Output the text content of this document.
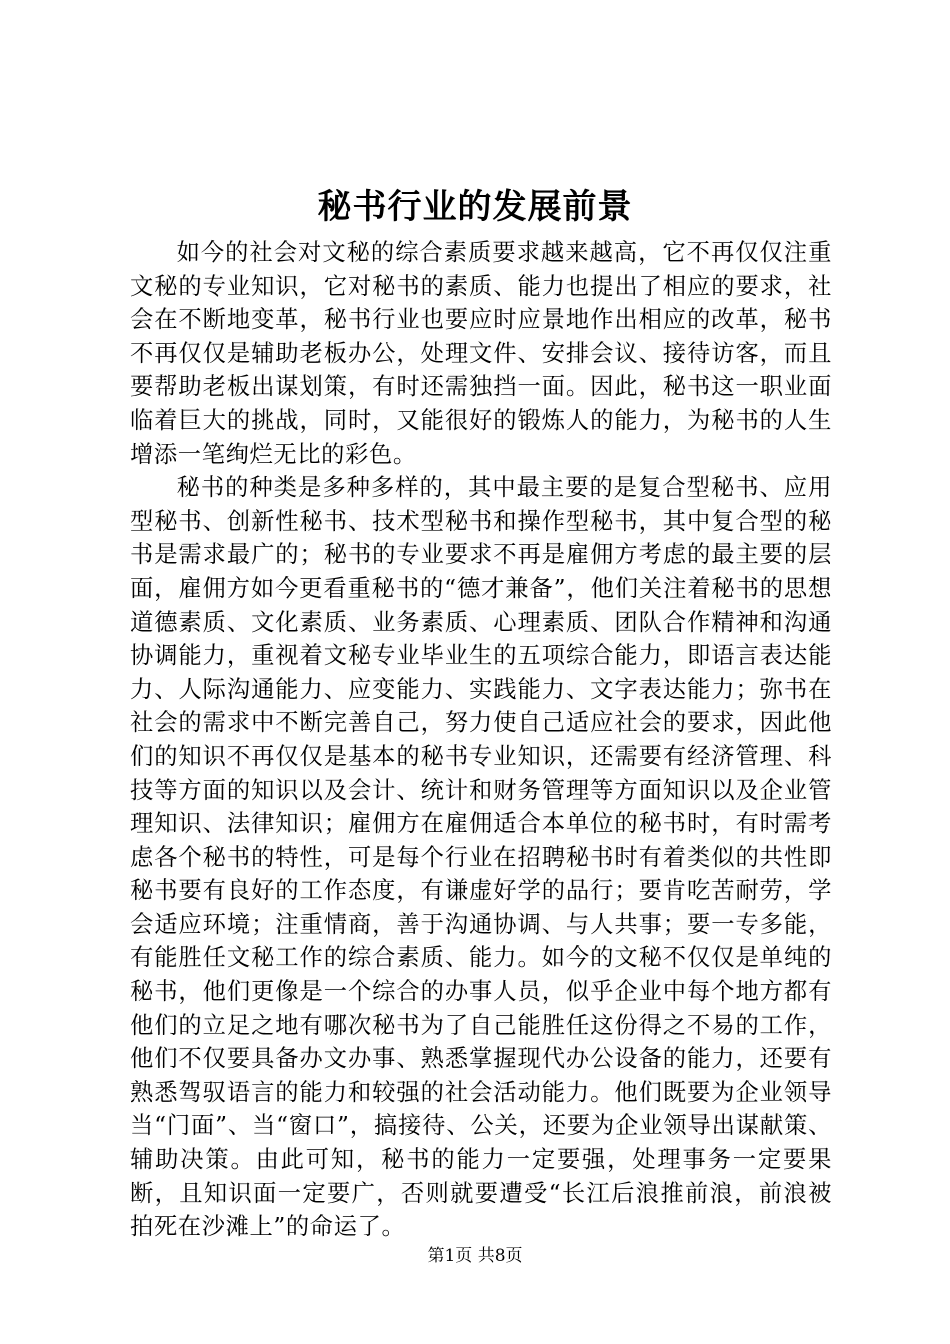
秘书行业的发展前景

如今的社会对文秘的综合素质要求越来越高，它不再仅仅注重文秘的专业知识，它对秘书的素质、能力也提出了相应的要求，社会在不断地变革，秘书行业也要应时应景地作出相应的改革，秘书不再仅仅是辅助老板办公，处理文件、安排会议、接待访客，而且要帮助老板出谋划策，有时还需独挡一面。因此，秘书这一职业面临着巨大的挑战，同时，又能很好的锻炼人的能力，为秘书的人生增添一笔绚烂无比的彩色。

秘书的种类是多种多样的，其中最主要的是复合型秘书、应用型秘书、创新性秘书、技术型秘书和操作型秘书，其中复合型的秘书是需求最广的；秘书的专业要求不再是雇佣方考虑的最主要的层面，雇佣方如今更看重秘书的“德才兼备”，他们关注着秘书的思想道德素质、文化素质、业务素质、心理素质、团队合作精神和沟通协调能力，重视着文秘专业毕业生的五项综合能力，即语言表达能力、人际沟通能力、应变能力、实践能力、文字表达能力；弥书在社会的需求中不断完善自己，努力使自己适应社会的要求，因此他们的知识不再仅仅是基本的秘书专业知识，还需要有经济管理、科技等方面的知识以及会计、统计和财务管理等方面知识以及企业管理知识、法律知识；雇佣方在雇佣适合本单位的秘书时，有时需考虑各个秘书的特性，可是每个行业在招聘秘书时有着类似的共性即秘书要有良好的工作态度，有谦虚好学的品行；要肯吃苦耐劳，学会适应环境；注重情商，善于沟通协调、与人共事；要一专多能，有能胜任文秘工作的综合素质、能力。如今的文秘不仅仅是单纯的秘书，他们更像是一个综合的办事人员，似乎企业中每个地方都有他们的立足之地有哪次秘书为了自己能胜任这份得之不易的工作，他们不仅要具备办文办事、熟悉掌握现代办公设备的能力，还要有熟悉驾驭语言的能力和较强的社会活动能力。他们既要为企业领导当“门面”、当“窗口”，搞接待、公关，还要为企业领导出谋献策、辅助决策。由此可知，秘书的能力一定要强，处理事务一定要果断，且知识面一定要广，否则就要遭受“长江后浪推前浪，前浪被拍死在沙滩上”的命运了。

第1页 共8页
